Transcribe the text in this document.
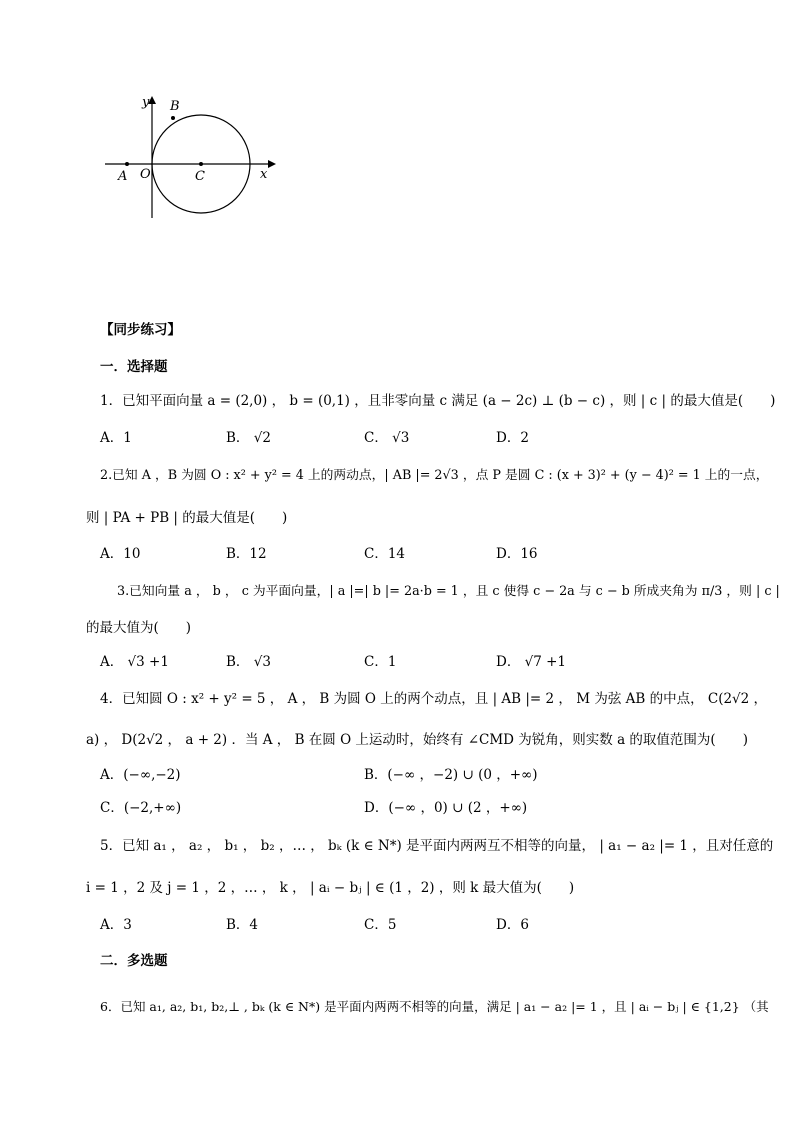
y
x
B
A O	C
【同步练习】
一．选择题
1．已知平面向量 a = (2,0) ， b = (0,1) ，且非零向量 c 满足 (a − 2c) ⊥ (b − c) ，则 | c | 的最大值是(　　)
A．1	B． √2	C． √3	D．2
2.已知 A ，B 为圆 O : x² + y² = 4 上的两动点，| AB |= 2√3 ，点 P 是圆 C : (x + 3)² + (y − 4)² = 1 上的一点，
则 | PA + PB | 的最大值是(　　)
A．10	B．12	C．14	D．16
3.已知向量 a ， b ， c 为平面向量，| a |=| b |= 2a·b = 1 ，且 c 使得 c − 2a 与 c − b 所成夹角为 π/3 ，则 | c |
的最大值为(　　)
A． √3 +1	B． √3	C．1	D． √7 +1
4．已知圆 O : x² + y² = 5 ， A ， B 为圆 O 上的两个动点，且 | AB |= 2 ， M 为弦 AB 的中点， C(2√2 ，
a) ， D(2√2 ， a + 2) ．当 A ， B 在圆 O 上运动时，始终有 ∠CMD 为锐角，则实数 a 的取值范围为(　　)
A．(−∞,−2)	B．(−∞ ，−2) ∪ (0 ，+∞)
C．(−2,+∞)	D．(−∞ ，0) ∪ (2 ，+∞)
5．已知 a₁ ， a₂ ， b₁ ， b₂ ，… ， bₖ (k ∈ N*) 是平面内两两互不相等的向量， | a₁ − a₂ |= 1 ，且对任意的
i = 1 ，2 及 j = 1 ，2 ，… ， k ， | aᵢ − bⱼ | ∈ (1 ，2) ，则 k 最大值为(　　)
A．3	B．4	C．5	D．6
二．多选题
6．已知 a₁, a₂, b₁, b₂,⊥ , bₖ (k ∈ N*) 是平面内两两不相等的向量，满足 | a₁ − a₂ |= 1 ，且 | aᵢ − bⱼ | ∈ {1,2} （其
